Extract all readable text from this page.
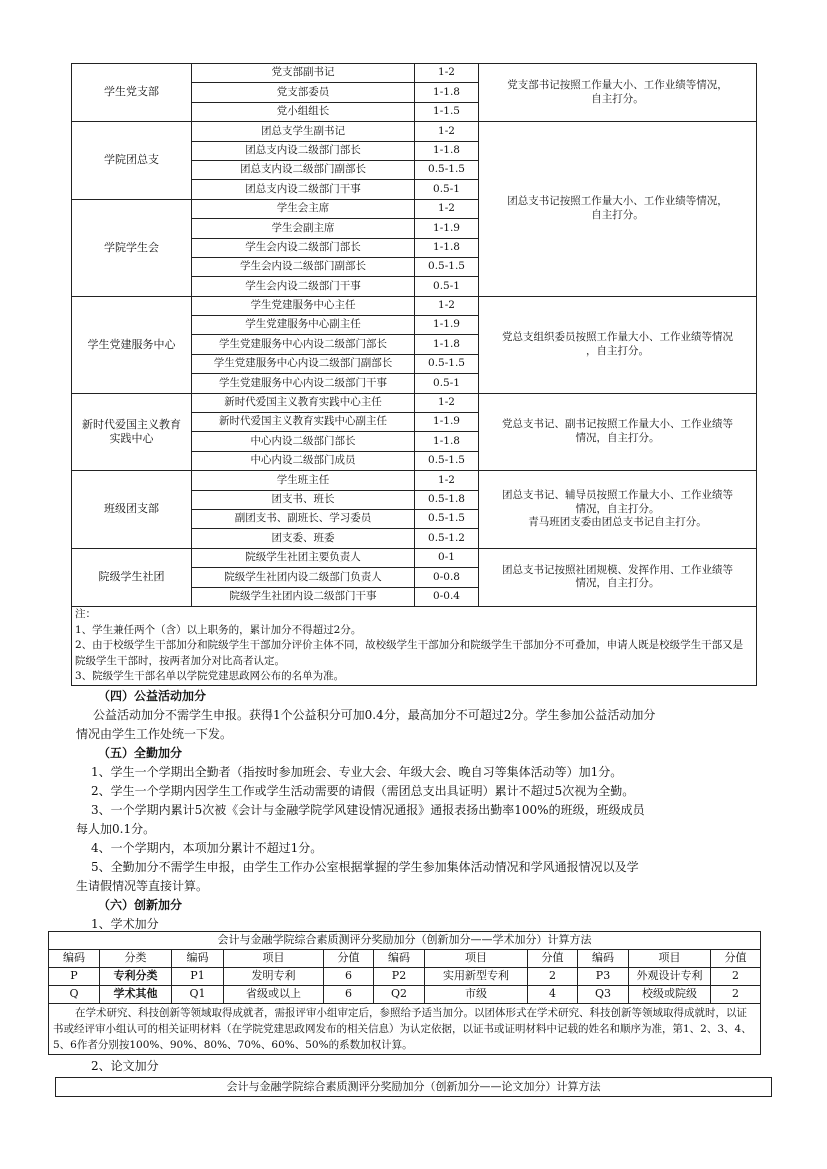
学生党支部	党支部副书记	1-2	党支部书记按照工作量大小、工作业绩等情况，
自主打分。
	党支部委员	1-1.8	
	党小组组长	1-1.5	
学院团总支	团总支学生副书记	1-2	团总支书记按照工作量大小、工作业绩等情况，
自主打分。
	团总支内设二级部门部长	1-1.8	
	团总支内设二级部门副部长	0.5-1.5	
	团总支内设二级部门干事	0.5-1	
学院学生会	学生会主席	1-2	
	学生会副主席	1-1.9	
	学生会内设二级部门部长	1-1.8	
	学生会内设二级部门副部长	0.5-1.5	
	学生会内设二级部门干事	0.5-1	
学生党建服务中心	学生党建服务中心主任	1-2	党总支组织委员按照工作量大小、工作业绩等情况
，自主打分。
	学生党建服务中心副主任	1-1.9	
	学生党建服务中心内设二级部门部长	1-1.8	
	学生党建服务中心内设二级部门副部长	0.5-1.5	
	学生党建服务中心内设二级部门干事	0.5-1	
新时代爱国主义教育
实践中心	新时代爱国主义教育实践中心主任	1-2	党总支书记、副书记按照工作量大小、工作业绩等
情况，自主打分。
	新时代爱国主义教育实践中心副主任	1-1.9	
	中心内设二级部门部长	1-1.8	
	中心内设二级部门成员	0.5-1.5	
班级团支部	学生班主任	1-2	团总支书记、辅导员按照工作量大小、工作业绩等
情况，自主打分。
青马班团支委由团总支书记自主打分。
	团支书、班长	0.5-1.8	
	副团支书、副班长、学习委员	0.5-1.5	
	团支委、班委	0.5-1.2	
院级学生社团	院级学生社团主要负责人	0-1	团总支书记按照社团规模、发挥作用、工作业绩等
情况，自主打分。
	院级学生社团内设二级部门负责人	0-0.8	
	院级学生社团内设二级部门干事	0-0.4	

注：
1、学生兼任两个（含）以上职务的，累计加分不得超过2分。
2、由于校级学生干部加分和院级学生干部加分评价主体不同，故校级学生干部加分和院级学生干部加分不可叠加，申请人既是校级学生干部又是院级学生干部时，按两者加分对比高者认定。
3、院级学生干部名单以学院党建思政网公布的名单为准。			

（四）公益活动加分

公益活动加分不需学生申报。获得1个公益积分可加0.4分，最高加分不可超过2分。学生参加公益活动加分

情况由学生工作处统一下发。

（五）全勤加分

1、学生一个学期出全勤者（指按时参加班会、专业大会、年级大会、晚自习等集体活动等）加1分。

2、学生一个学期内因学生工作或学生活动需要的请假（需团总支出具证明）累计不超过5次视为全勤。

3、一个学期内累计5次被《会计与金融学院学风建设情况通报》通报表扬出勤率100%的班级，班级成员

每人加0.1分。

4、一个学期内，本项加分累计不超过1分。

5、全勤加分不需学生申报，由学生工作办公室根据掌握的学生参加集体活动情况和学风通报情况以及学

生请假情况等直接计算。

（六）创新加分

1、学术加分

会计与金融学院综合素质测评分奖励加分（创新加分——学术加分）计算方法										
编码	分类	编码	项目	分值	编码	项目	分值	编码	项目	分值
P	专利分类	P1	发明专利	6	P2	实用新型专利	2	P3	外观设计专利	2
Q	学术其他	Q1	省级或以上	6	Q2	市级	4	Q3	校级或院级	2
在学术研究、科技创新等领域取得成就者，需报评审小组审定后，参照给予适当加分。以团体形式在学术研究、科技创新等领域取得成就时，以证书或经评审小组认可的相关证明材料（在学院党建思政网发布的相关信息）为认定依据，以证书或证明材料中记载的姓名和顺序为准，第1、2、3、4、5、6作者分别按100%、90%、80%、70%、60%、50%的系数加权计算。										
2、论文加分
会计与金融学院综合素质测评分奖励加分（创新加分——论文加分）计算方法
